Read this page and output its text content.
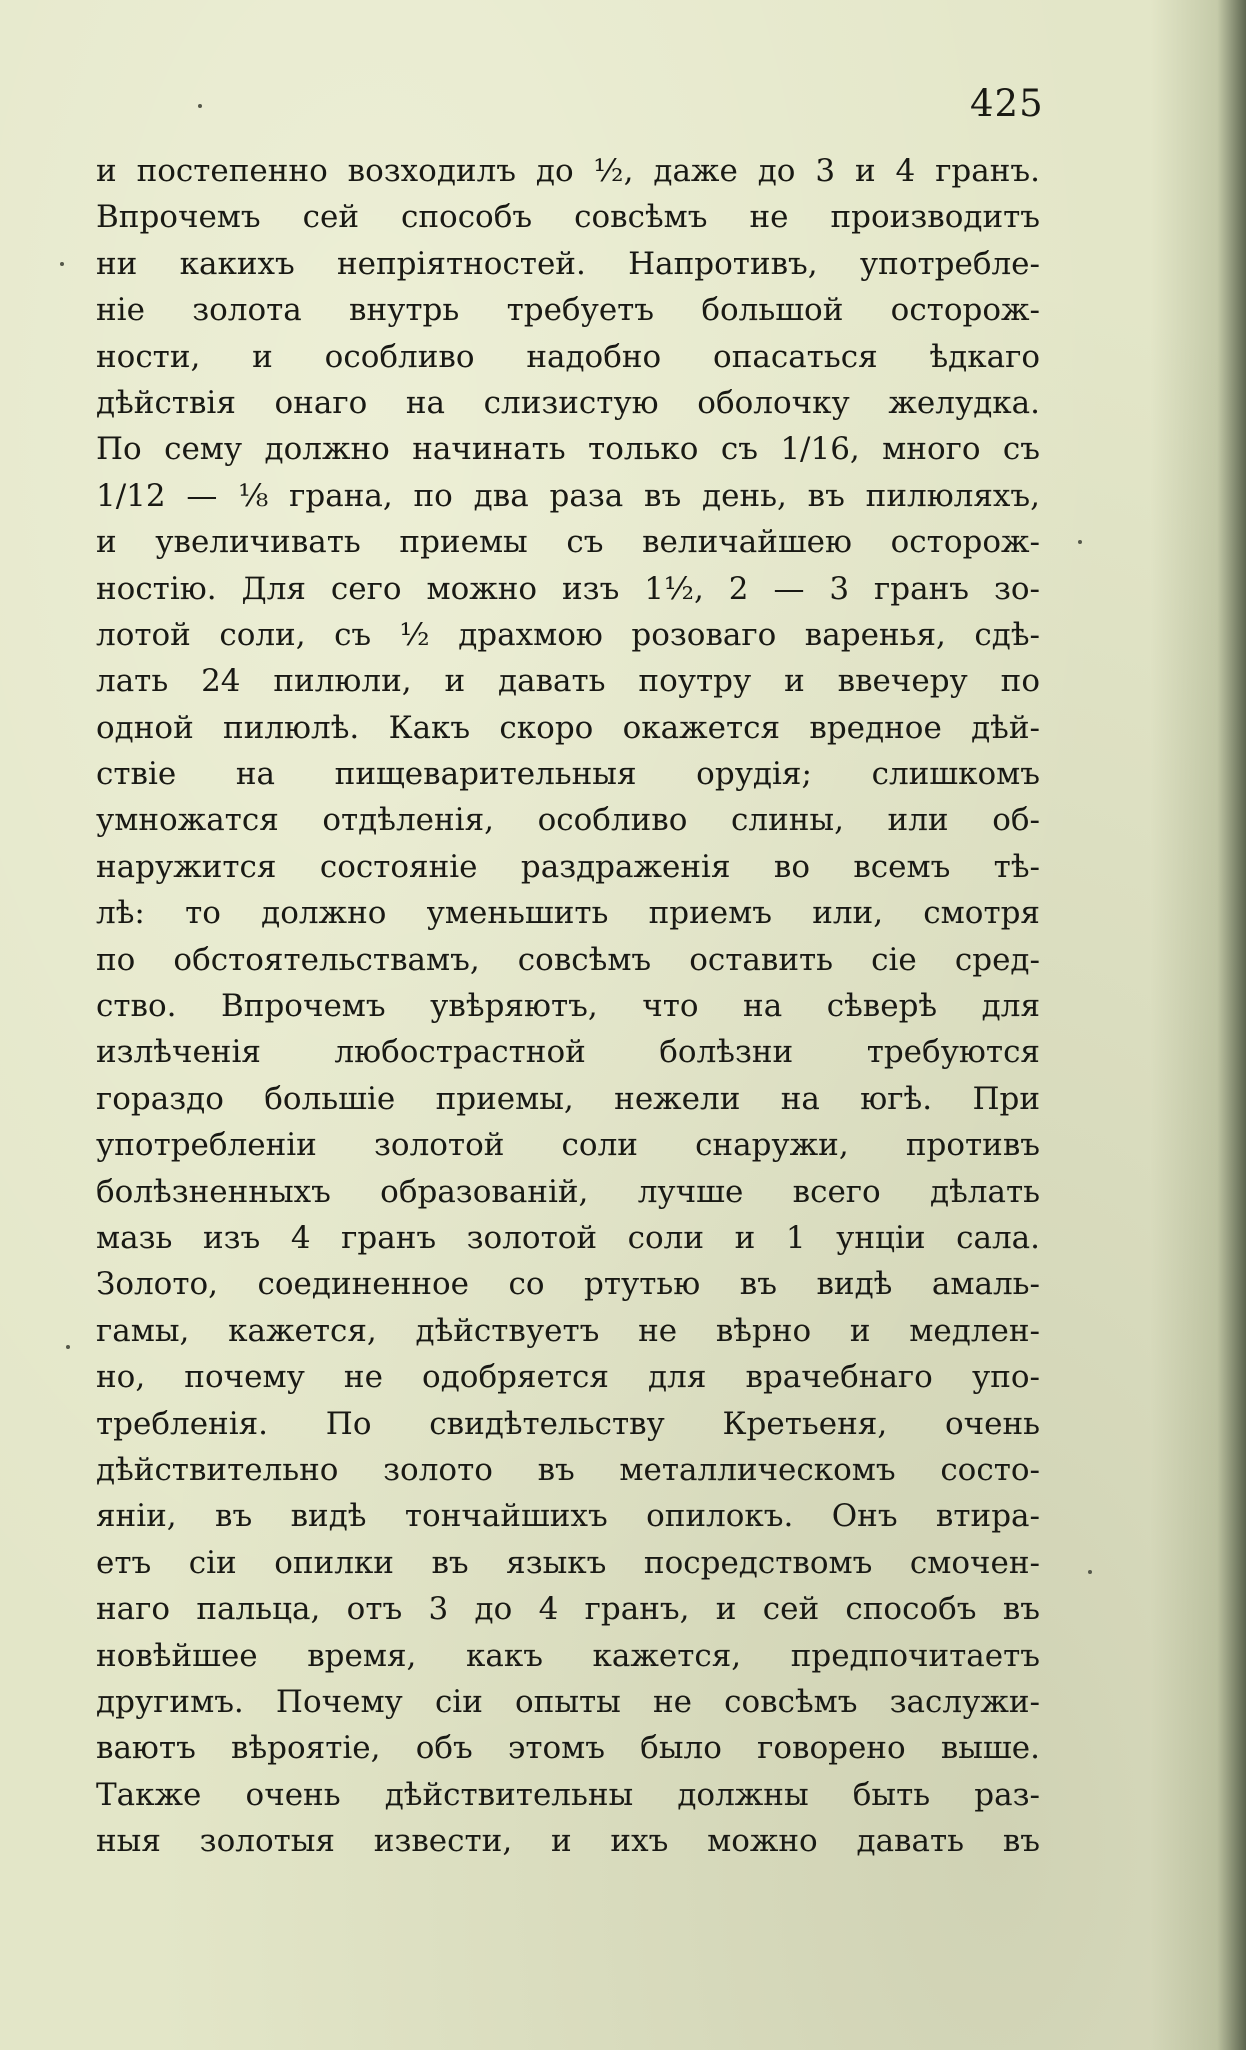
425
и постепенно возходилъ до ½, даже до 3 и 4 гранъ.
Впрочемъ сей способъ совсѣмъ не производитъ
ни какихъ непріятностей. Напротивъ, употребле-
ніе золота внутрь требуетъ большой осторож-
ности, и особливо надобно опасаться ѣдкаго
дѣйствія онаго на слизистую оболочку желудка.
По сему должно начинать только съ 1/16, много съ
1/12 — ⅛ грана, по два раза въ день, въ пилюляхъ,
и увеличивать приемы съ величайшею осторож-
ностію. Для сего можно изъ 1½, 2 — 3 гранъ зо-
лотой соли, съ ½ драхмою розоваго варенья, сдѣ-
лать 24 пилюли, и давать поутру и ввечеру по
одной пилюлѣ. Какъ скоро окажется вредное дѣй-
ствіе на пищеварительныя орудія; слишкомъ
умножатся отдѣленія, особливо слины, или об-
наружится состояніе раздраженія во всемъ тѣ-
лѣ: то должно уменьшить приемъ или, смотря
по обстоятельствамъ, совсѣмъ оставить сіе сред-
ство. Впрочемъ увѣряютъ, что на сѣверѣ для
излѣченія любострастной болѣзни требуются
гораздо большіе приемы, нежели на югѣ. При
употребленіи золотой соли снаружи, противъ
болѣзненныхъ образованій, лучше всего дѣлать
мазь изъ 4 гранъ золотой соли и 1 унціи сала.
Золото, соединенное со ртутью въ видѣ амаль-
гамы, кажется, дѣйствуетъ не вѣрно и медлен-
но, почему не одобряется для врачебнаго упо-
требленія. По свидѣтельству Кретьеня, очень
дѣйствительно золото въ металлическомъ состо-
яніи, въ видѣ тончайшихъ опилокъ. Онъ втира-
етъ сіи опилки въ языкъ посредствомъ смочен-
наго пальца, отъ 3 до 4 гранъ, и сей способъ въ
новѣйшее время, какъ кажется, предпочитаетъ
другимъ. Почему сіи опыты не совсѣмъ заслужи-
ваютъ вѣроятіе, объ этомъ было говорено выше.
Также очень дѣйствительны должны быть раз-
ныя золотыя извести, и ихъ можно давать въ
